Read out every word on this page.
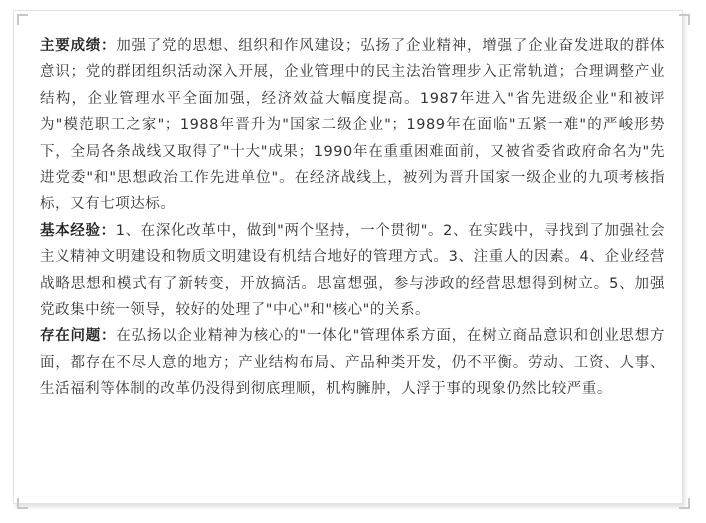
主要成绩：加强了党的思想、组织和作风建设；弘扬了企业精神，增强了企业奋发进取的群体意识；党的群团组织活动深入开展，企业管理中的民主法治管理步入正常轨道；合理调整产业结构，企业管理水平全面加强，经济效益大幅度提高。1987年进入"省先进级企业"和被评为"模范职工之家"；1988年晋升为"国家二级企业"；1989年在面临"五紧一难"的严峻形势下，全局各条战线又取得了"十大"成果；1990年在重重困难面前，又被省委省政府命名为"先进党委"和"思想政治工作先进单位"。在经济战线上，被列为晋升国家一级企业的九项考核指标，又有七项达标。

基本经验：1、在深化改革中，做到"两个坚持，一个贯彻"。2、在实践中，寻找到了加强社会主义精神文明建设和物质文明建设有机结合地好的管理方式。3、注重人的因素。4、企业经营战略思想和模式有了新转变，开放搞活。思富想强，参与涉政的经营思想得到树立。5、加强党政集中统一领导，较好的处理了"中心"和"核心"的关系。

存在问题：在弘扬以企业精神为核心的"一体化"管理体系方面，在树立商品意识和创业思想方面，都存在不尽人意的地方；产业结构布局、产品种类开发，仍不平衡。劳动、工资、人事、生活福利等体制的改革仍没得到彻底理顺，机构臃肿，人浮于事的现象仍然比较严重。
